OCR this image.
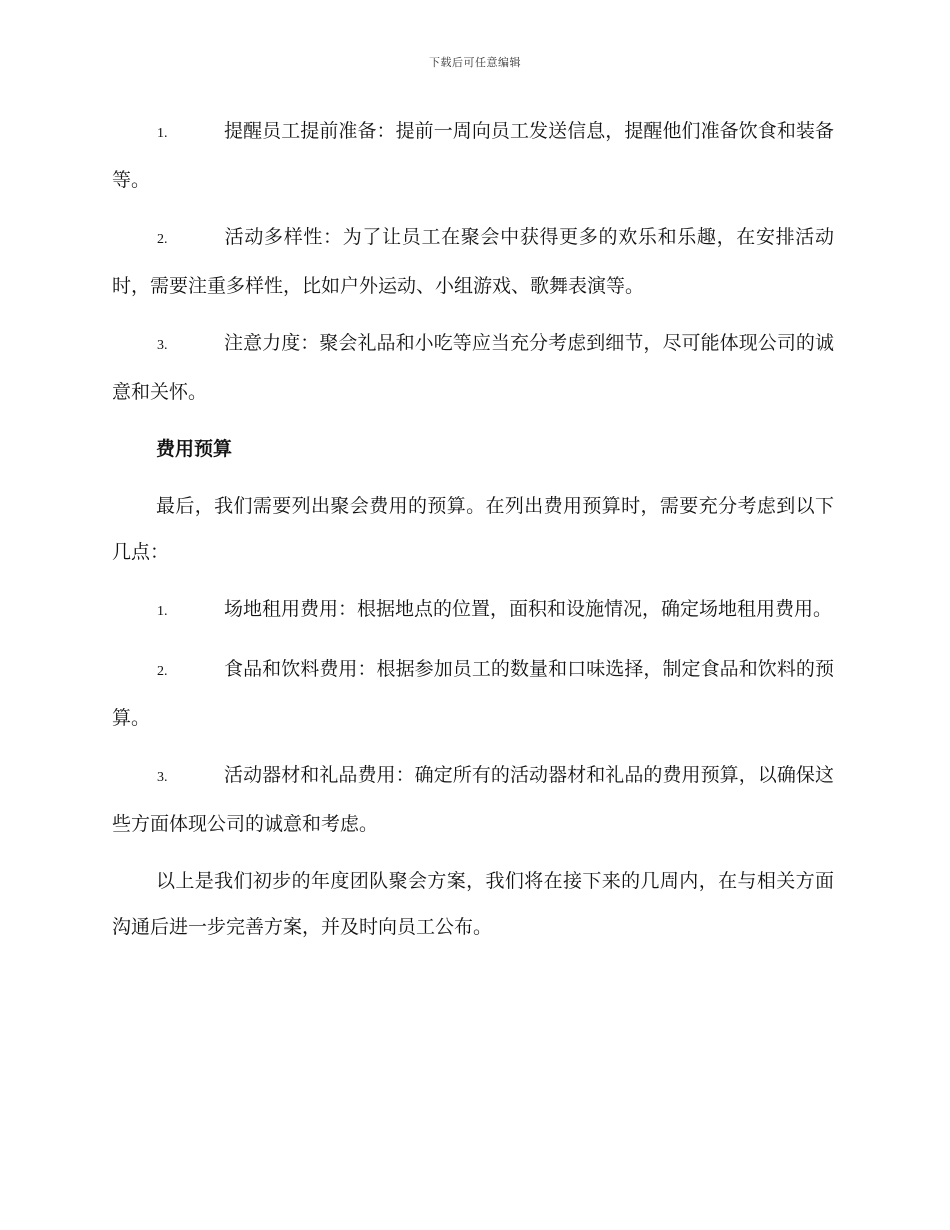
下载后可任意编辑

1.	提醒员工提前准备：提前一周向员工发送信息，提醒他们准备饮食和装备等。

2.	活动多样性：为了让员工在聚会中获得更多的欢乐和乐趣，在安排活动时，需要注重多样性，比如户外运动、小组游戏、歌舞表演等。

3.	注意力度：聚会礼品和小吃等应当充分考虑到细节，尽可能体现公司的诚意和关怀。

费用预算

最后，我们需要列出聚会费用的预算。在列出费用预算时，需要充分考虑到以下几点：

1.	场地租用费用：根据地点的位置，面积和设施情况，确定场地租用费用。

2.	食品和饮料费用：根据参加员工的数量和口味选择，制定食品和饮料的预算。

3.	活动器材和礼品费用：确定所有的活动器材和礼品的费用预算，以确保这些方面体现公司的诚意和考虑。

以上是我们初步的年度团队聚会方案，我们将在接下来的几周内，在与相关方面沟通后进一步完善方案，并及时向员工公布。
